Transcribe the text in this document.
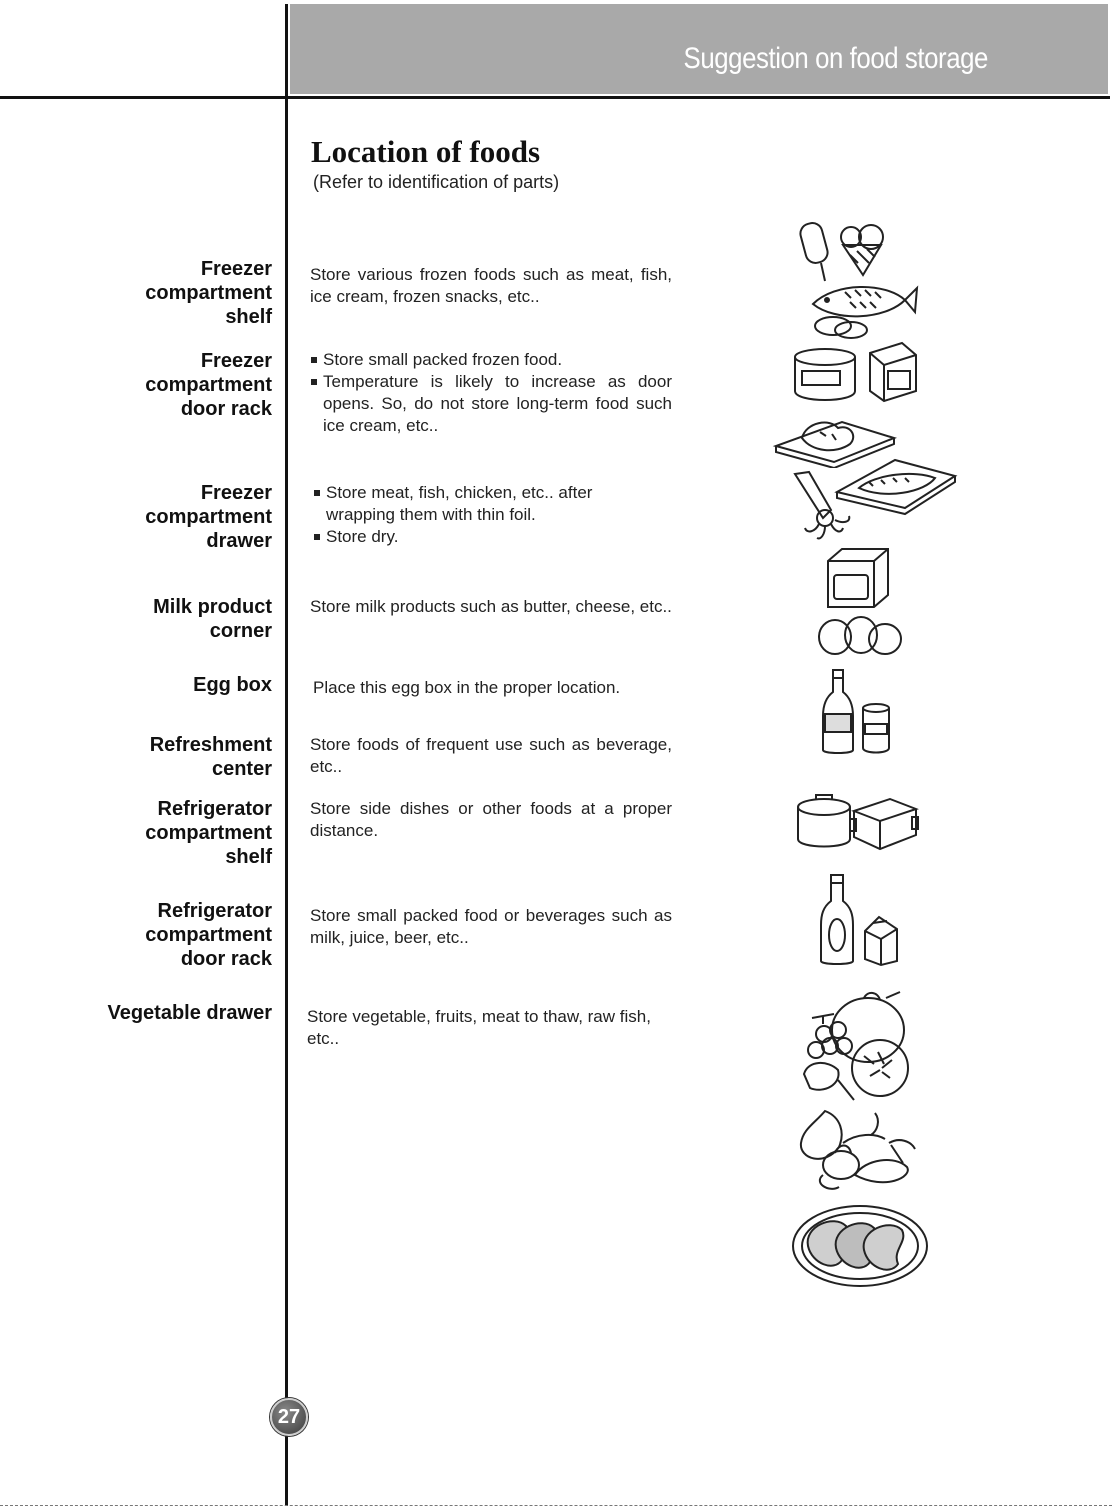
Suggestion on food storage
Location of foods
(Refer to identification of parts)
Freezer
compartment
shelf
Store various frozen foods such as meat, fish, ice cream, frozen snacks, etc..
Freezer
compartment
door rack
Store small packed frozen food.
Temperature is likely to increase as door opens. So, do not store long-term food such ice cream, etc..
Freezer
compartment
drawer
Store meat, fish, chicken, etc.. after wrapping them with thin foil.
Store dry.
Milk product
corner
Store milk products such as butter, cheese, etc..
Egg box Place this egg box in the proper location.
Refreshment
center
Store foods of frequent use such as beverage, etc..
Refrigerator
compartment
shelf
Store side dishes or other foods at a proper distance.
Refrigerator
compartment
door rack
Store small packed food or beverages such as milk, juice, beer, etc..
Vegetable drawer Store vegetable, fruits, meat to thaw, raw fish, etc..
27
